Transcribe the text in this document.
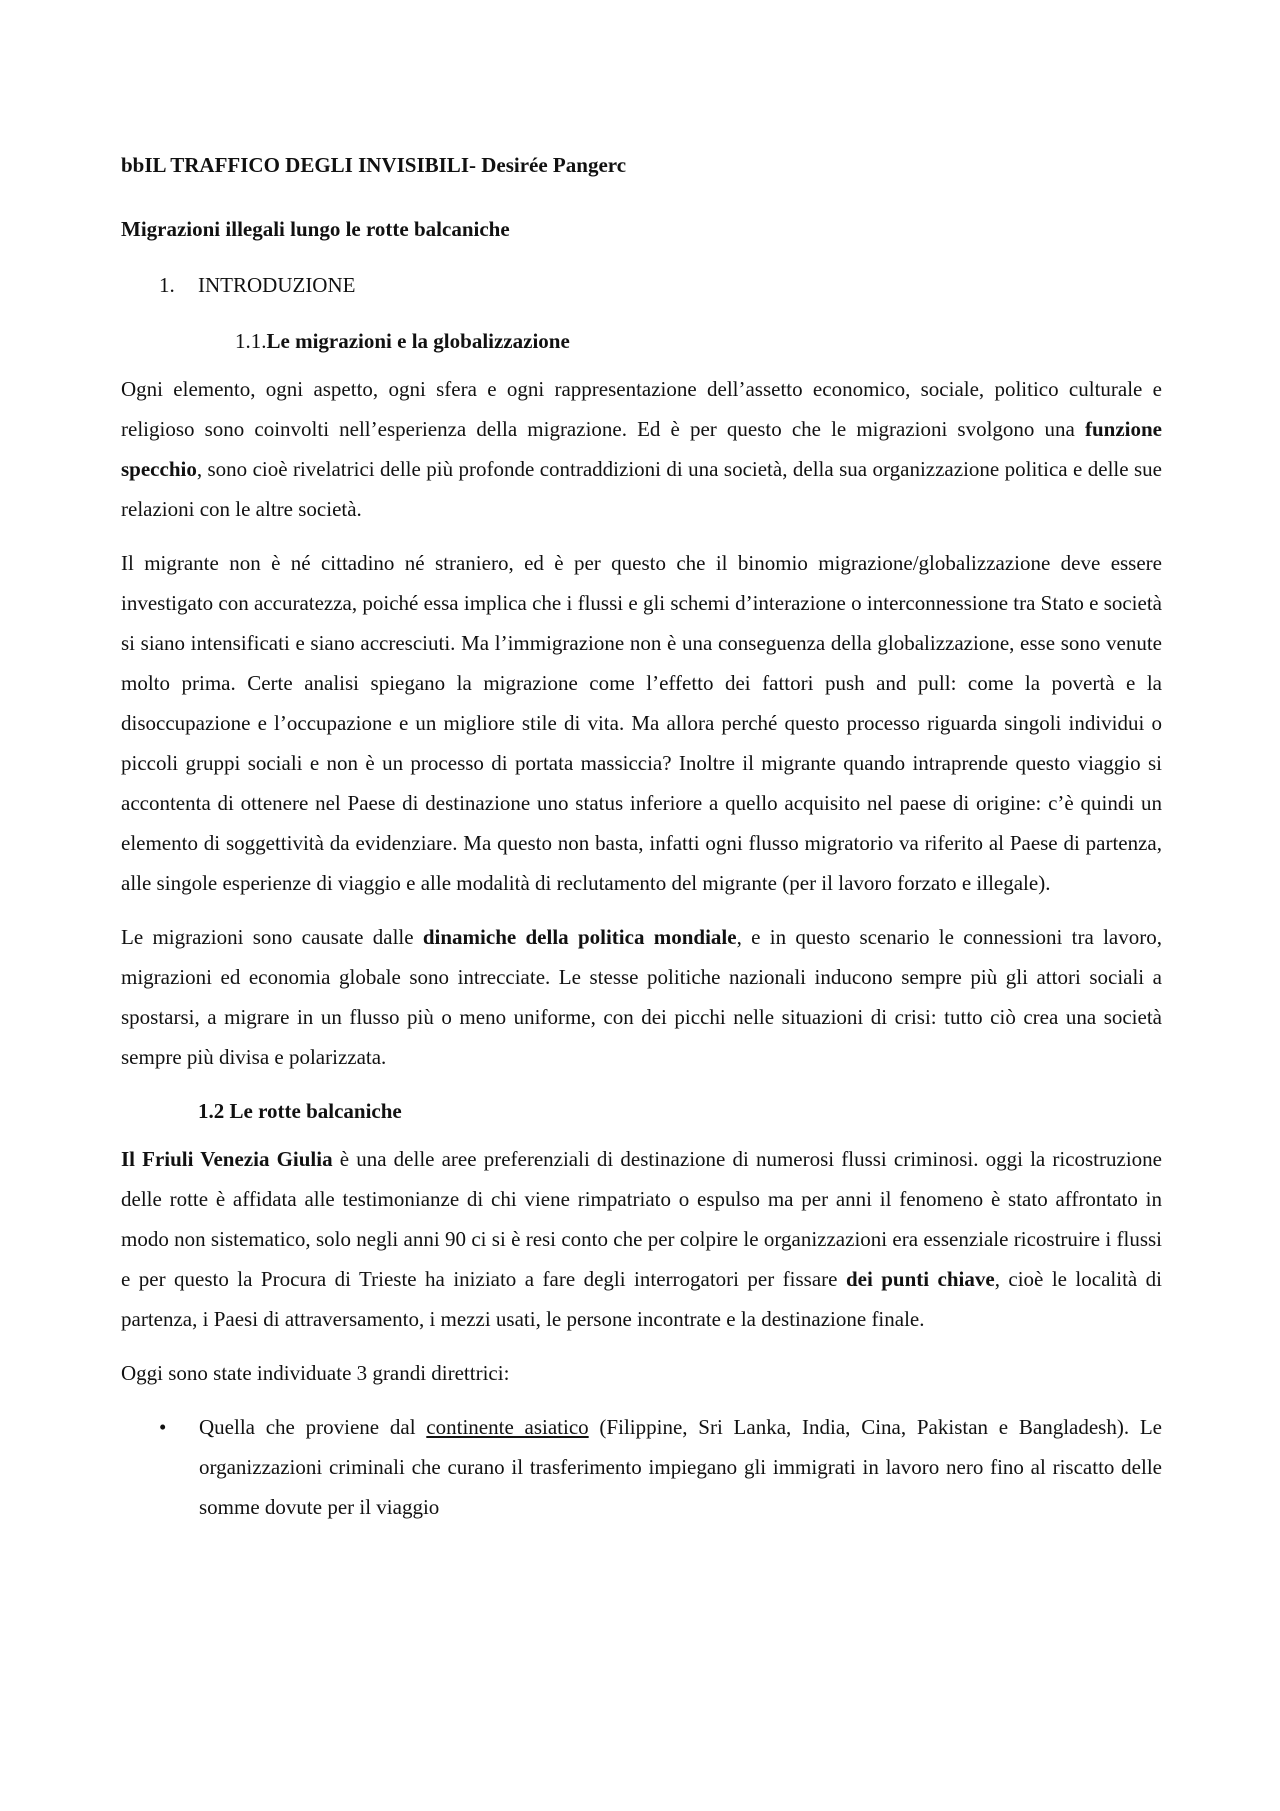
bbIL TRAFFICO DEGLI INVISIBILI- Desirée Pangerc
Migrazioni illegali lungo le rotte balcaniche
1. INTRODUZIONE
1.1.Le migrazioni e la globalizzazione

Ogni elemento, ogni aspetto, ogni sfera e ogni rappresentazione dell’assetto economico, sociale, politico culturale e religioso sono coinvolti nell’esperienza della migrazione. Ed è per questo che le migrazioni svolgono una funzione specchio, sono cioè rivelatrici delle più profonde contraddizioni di una società, della sua organizzazione politica e delle sue relazioni con le altre società.

Il migrante non è né cittadino né straniero, ed è per questo che il binomio migrazione/globalizzazione deve essere investigato con accuratezza, poiché essa implica che i flussi e gli schemi d’interazione o interconnessione tra Stato e società si siano intensificati e siano accresciuti. Ma l’immigrazione non è una conseguenza della globalizzazione, esse sono venute molto prima. Certe analisi spiegano la migrazione come l’effetto dei fattori push and pull: come la povertà e la disoccupazione e l’occupazione e un migliore stile di vita. Ma allora perché questo processo riguarda singoli individui o piccoli gruppi sociali e non è un processo di portata massiccia? Inoltre il migrante quando intraprende questo viaggio si accontenta di ottenere nel Paese di destinazione uno status inferiore a quello acquisito nel paese di origine: c’è quindi un elemento di soggettività da evidenziare. Ma questo non basta, infatti ogni flusso migratorio va riferito al Paese di partenza, alle singole esperienze di viaggio e alle modalità di reclutamento del migrante (per il lavoro forzato e illegale).

Le migrazioni sono causate dalle dinamiche della politica mondiale, e in questo scenario le connessioni tra lavoro, migrazioni ed economia globale sono intrecciate. Le stesse politiche nazionali inducono sempre più gli attori sociali a spostarsi, a migrare in un flusso più o meno uniforme, con dei picchi nelle situazioni di crisi: tutto ciò crea una società sempre più divisa e polarizzata.

1.2 Le rotte balcaniche

Il Friuli Venezia Giulia è una delle aree preferenziali di destinazione di numerosi flussi criminosi. oggi la ricostruzione delle rotte è affidata alle testimonianze di chi viene rimpatriato o espulso ma per anni il fenomeno è stato affrontato in modo non sistematico, solo negli anni 90 ci si è resi conto che per colpire le organizzazioni era essenziale ricostruire i flussi e per questo la Procura di Trieste ha iniziato a fare degli interrogatori per fissare dei punti chiave, cioè le località di partenza, i Paesi di attraversamento, i mezzi usati, le persone incontrate e la destinazione finale.

Oggi sono state individuate 3 grandi direttrici:

• Quella che proviene dal continente asiatico (Filippine, Sri Lanka, India, Cina, Pakistan e Bangladesh). Le organizzazioni criminali che curano il trasferimento impiegano gli immigrati in lavoro nero fino al riscatto delle somme dovute per il viaggio
